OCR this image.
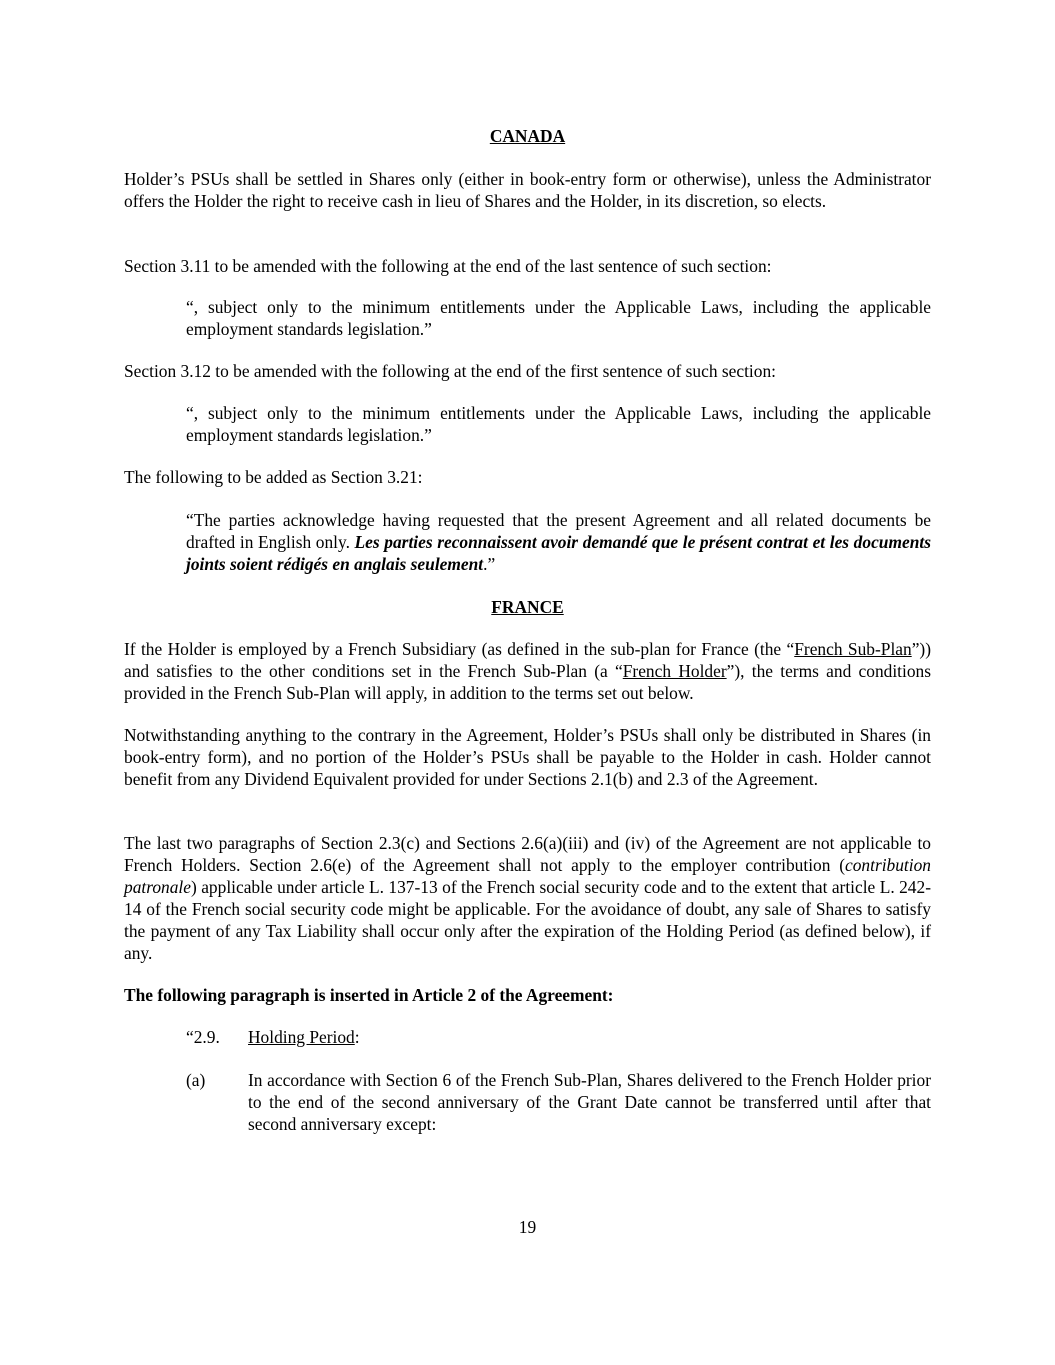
CANADA

Holder’s PSUs shall be settled in Shares only (either in book-entry form or otherwise), unless the Administrator offers the Holder the right to receive cash in lieu of Shares and the Holder, in its discretion, so elects.

Section 3.11 to be amended with the following at the end of the last sentence of such section:

“, subject only to the minimum entitlements under the Applicable Laws, including the applicable employment standards legislation.”

Section 3.12 to be amended with the following at the end of the first sentence of such section:

“, subject only to the minimum entitlements under the Applicable Laws, including the applicable employment standards legislation.”

The following to be added as Section 3.21:

“The parties acknowledge having requested that the present Agreement and all related documents be drafted in English only. Les parties reconnaissent avoir demandé que le présent contrat et les documents joints soient rédigés en anglais seulement.”

FRANCE

If the Holder is employed by a French Subsidiary (as defined in the sub-plan for France (the “French Sub-Plan”)) and satisfies to the other conditions set in the French Sub-Plan (a “French Holder”), the terms and conditions provided in the French Sub-Plan will apply, in addition to the terms set out below.

Notwithstanding anything to the contrary in the Agreement, Holder’s PSUs shall only be distributed in Shares (in book-entry form), and no portion of the Holder’s PSUs shall be payable to the Holder in cash. Holder cannot benefit from any Dividend Equivalent provided for under Sections 2.1(b) and 2.3 of the Agreement.

The last two paragraphs of Section 2.3(c) and Sections 2.6(a)(iii) and (iv) of the Agreement are not applicable to French Holders. Section 2.6(e) of the Agreement shall not apply to the employer contribution (contribution patronale) applicable under article L. 137-13 of the French social security code and to the extent that article L. 242-14 of the French social security code might be applicable. For the avoidance of doubt, any sale of Shares to satisfy the payment of any Tax Liability shall occur only after the expiration of the Holding Period (as defined below), if any.

The following paragraph is inserted in Article 2 of the Agreement:

“2.9. Holding Period:

(a) In accordance with Section 6 of the French Sub-Plan, Shares delivered to the French Holder prior to the end of the second anniversary of the Grant Date cannot be transferred until after that second anniversary except:

19
